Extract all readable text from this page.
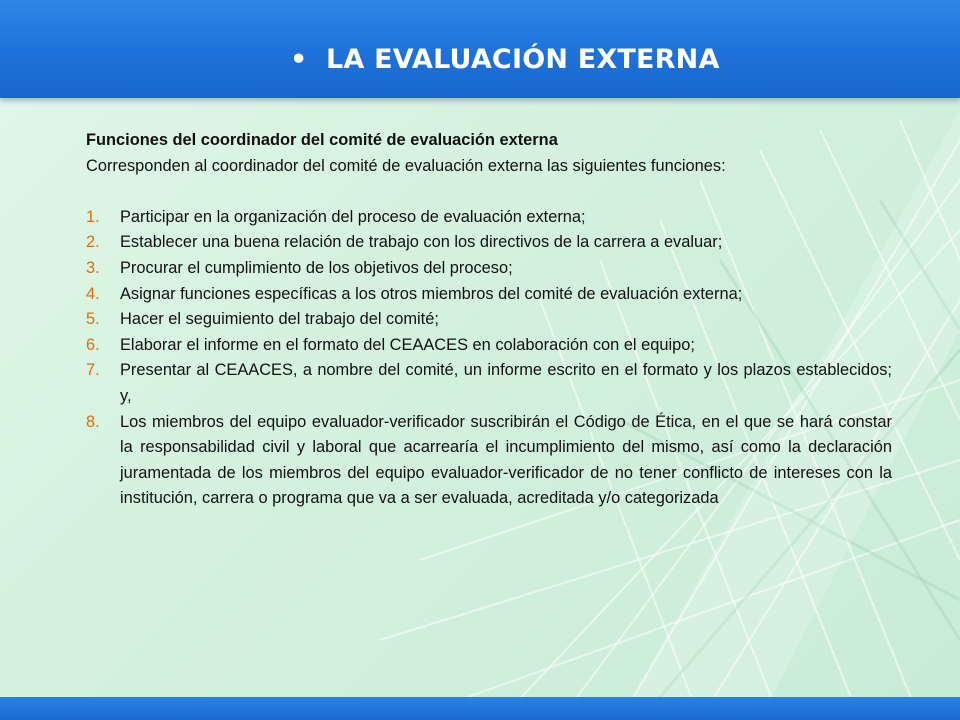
• LA EVALUACIÓN EXTERNA

Funciones del coordinador del comité de evaluación externa

Corresponden al coordinador del comité de evaluación externa las siguientes funciones:

1. Participar en la organización del proceso de evaluación externa;
2. Establecer una buena relación de trabajo con los directivos de la carrera a evaluar;
3. Procurar el cumplimiento de los objetivos del proceso;
4. Asignar funciones específicas a los otros miembros del comité de evaluación externa;
5. Hacer el seguimiento del trabajo del comité;
6. Elaborar el informe en el formato del CEAACES en colaboración con el equipo;
7. Presentar al CEAACES, a nombre del comité, un informe escrito en el formato y los plazos establecidos; y,
8. Los miembros del equipo evaluador-verificador suscribirán el Código de Ética, en el que se hará constar la responsabilidad civil y laboral que acarrearía el incumplimiento del mismo, así como la declaración juramentada de los miembros del equipo evaluador-verificador de no tener conflicto de intereses con la institución, carrera o programa que va a ser evaluada, acreditada y/o categorizada
